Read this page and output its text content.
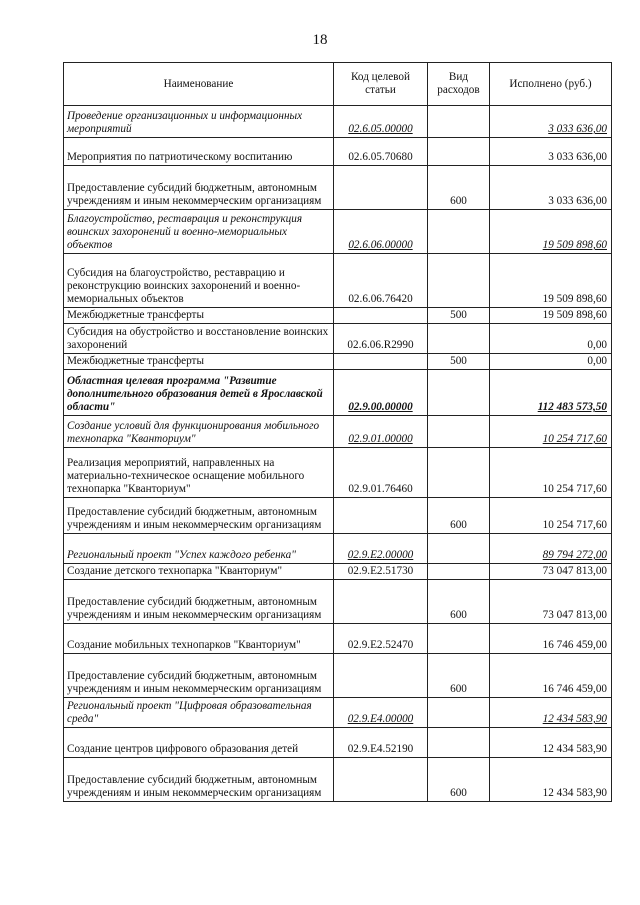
18
Наименование	Код целевой статьи	Вид расходов	Исполнено (руб.)
Проведение организационных и информационных мероприятий	02.6.05.00000		3 033 636,00
Мероприятия по патриотическому воспитанию	02.6.05.70680		3 033 636,00
Предоставление субсидий бюджетным, автономным учреждениям и иным некоммерческим организациям		600	3 033 636,00
Благоустройство, реставрация и реконструкция воинских захоронений и военно-мемориальных объектов	02.6.06.00000		19 509 898,60
Субсидия на благоустройство, реставрацию и реконструкцию воинских захоронений и военно-мемориальных объектов	02.6.06.76420		19 509 898,60
Межбюджетные трансферты		500	19 509 898,60
Субсидия на обустройство и восстановление воинских захоронений	02.6.06.R2990		0,00
Межбюджетные трансферты		500	0,00
Областная целевая программа "Развитие дополнительного образования детей в Ярославской области"	02.9.00.00000		112 483 573,50
Создание условий для функционирования мобильного технопарка "Кванториум"	02.9.01.00000		10 254 717,60
Реализация мероприятий, направленных на материально-техническое оснащение мобильного технопарка "Кванториум"	02.9.01.76460		10 254 717,60
Предоставление субсидий бюджетным, автономным учреждениям и иным некоммерческим организациям		600	10 254 717,60
Региональный проект "Успех каждого ребенка"	02.9.E2.00000		89 794 272,00
Создание детского технопарка "Кванториум"	02.9.E2.51730		73 047 813,00
Предоставление субсидий бюджетным, автономным учреждениям и иным некоммерческим организациям		600	73 047 813,00
Создание мобильных технопарков "Кванториум"	02.9.E2.52470		16 746 459,00
Предоставление субсидий бюджетным, автономным учреждениям и иным некоммерческим организациям		600	16 746 459,00
Региональный проект "Цифровая образовательная среда"	02.9.E4.00000		12 434 583,90
Создание центров цифрового образования детей	02.9.E4.52190		12 434 583,90
Предоставление субсидий бюджетным, автономным учреждениям и иным некоммерческим организациям		600	12 434 583,90
